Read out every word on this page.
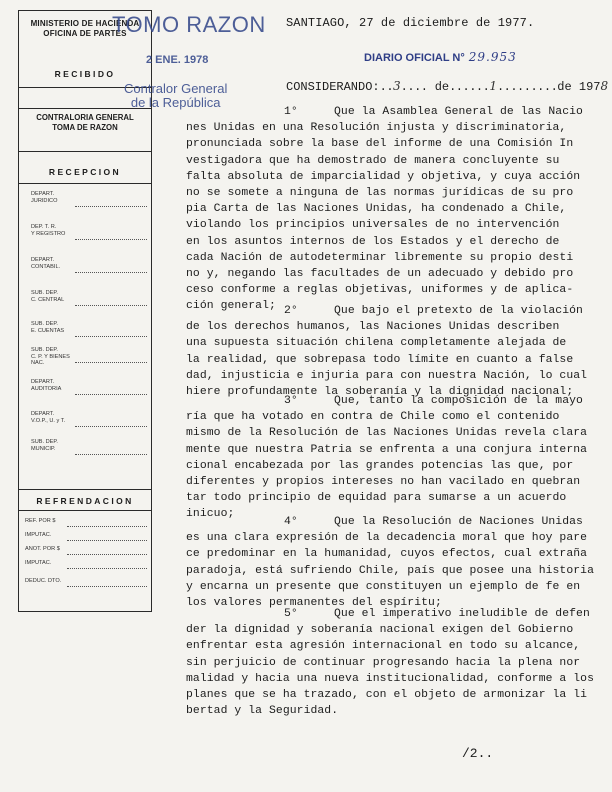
MINISTERIO DE HACIENDA
OFICINA DE PARTES
RECIBIDO
CONTRALORIA GENERAL
TOMA DE RAZON
RECEPCION
DEPART.
JURIDICO
DEP. T. R.
Y REGISTRO
DEPART.
CONTABIL.
SUB. DEP.
C. CENTRAL
SUB. DEP.
E. CUENTAS
SUB. DEP.
C. P. Y BIENES NAC.
DEPART.
AUDITORIA
DEPART.
V.O.P., U. y T.
SUB. DEP.
MUNICIP.
REFRENDACION
REF. POR $
IMPUTAC.
ANOT. POR $
IMPUTAC.
DEDUC. DTO.
TOMO RAZON
2 ENE. 1978
Contralor General
de la República
DIARIO OFICIAL N° 29.953
SANTIAGO, 27 de diciembre de 1977.
CONSIDERANDO:..3.... de......1.........de 1978
1°	Que la Asamblea General de las Nacio
nes Unidas en una Resolución injusta y discriminatoria,
pronunciada sobre la base del informe de una Comisión In
vestigadora que ha demostrado de manera concluyente su
falta absoluta de imparcialidad y objetiva, y cuya acción
no se somete a ninguna de las normas jurídicas de su pro
pia Carta de las Naciones Unidas, ha condenado a Chile,
violando los principios universales de no intervención
en los asuntos internos de los Estados y el derecho de
cada Nación de autodeterminar libremente su propio desti
no y, negando las facultades de un adecuado y debido pro
ceso conforme a reglas objetivas, uniformes y de aplica-
ción general; 2°	Que bajo el pretexto de la violación
de los derechos humanos, las Naciones Unidas describen
una supuesta situación chilena completamente alejada de
la realidad, que sobrepasa todo límite en cuanto a false
dad, injusticia e injuria para con nuestra Nación, lo cual
hiere profundamente la soberanía y la dignidad nacional;
3°	Que, tanto la composición de la mayo
ría que ha votado en contra de Chile como el contenido
mismo de la Resolución de las Naciones Unidas revela clara
mente que nuestra Patria se enfrenta a una conjura interna
cional encabezada por las grandes potencias las que, por
diferentes y propios intereses no han vacilado en quebran
tar todo principio de equidad para sumarse a un acuerdo
inicuo;
4°	Que la Resolución de Naciones Unidas
es una clara expresión de la decadencia moral que hoy pare
ce predominar en la humanidad, cuyos efectos, cual extraña
paradoja, está sufriendo Chile, país que posee una historia
y encarna un presente que constituyen un ejemplo de fe en
los valores permanentes del espíritu;
5°	Que el imperativo ineludible de defen
der la dignidad y soberanía nacional exigen del Gobierno
enfrentar esta agresión internacional en todo su alcance,
sin perjuicio de continuar progresando hacia la plena nor
malidad y hacia una nueva institucionalidad, conforme a los
planes que se ha trazado, con el objeto de armonizar la li
bertad y la Seguridad.
/2..
